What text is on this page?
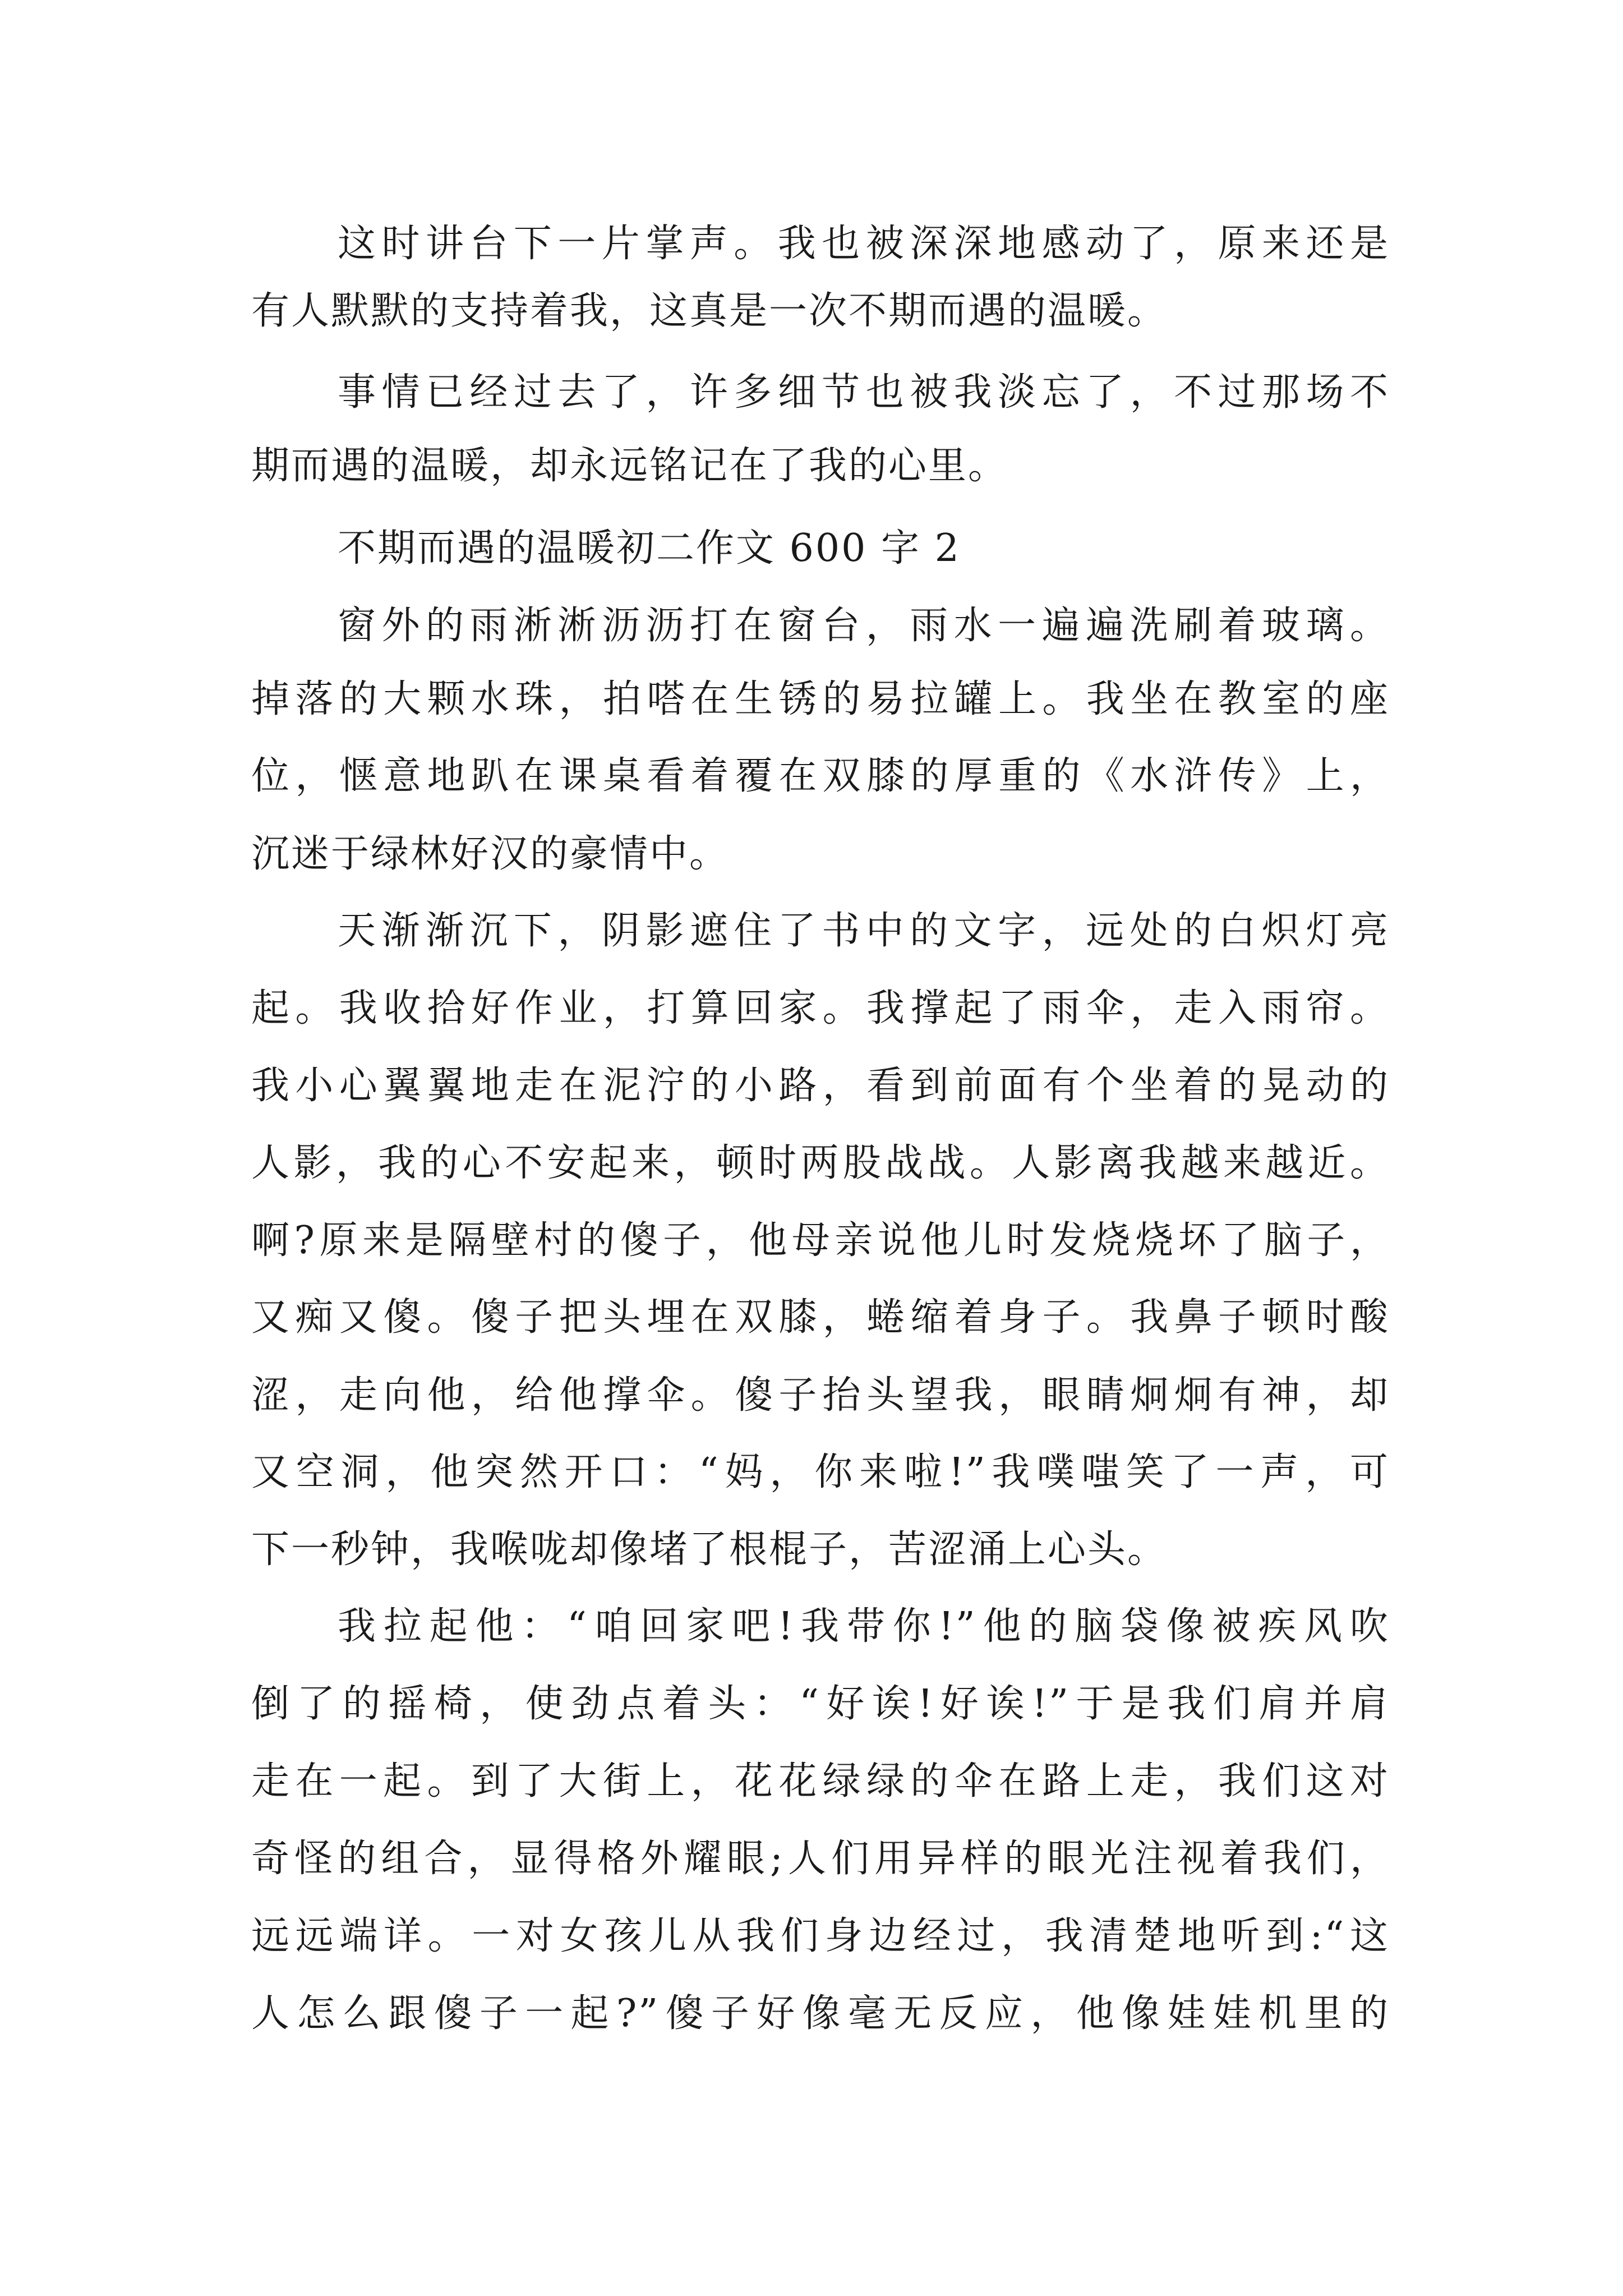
这时讲台下一片掌声。我也被深深地感动了，原来还是
有人默默的支持着我，这真是一次不期而遇的温暖。
事情已经过去了，许多细节也被我淡忘了，不过那场不
期而遇的温暖，却永远铭记在了我的心里。
不期而遇的温暖初二作文 600 字 2
窗外的雨淅淅沥沥打在窗台，雨水一遍遍洗刷着玻璃。
掉落的大颗水珠，拍嗒在生锈的易拉罐上。我坐在教室的座
位，惬意地趴在课桌看着覆在双膝的厚重的《水浒传》上，
沉迷于绿林好汉的豪情中。
天渐渐沉下，阴影遮住了书中的文字，远处的白炽灯亮
起。我收拾好作业，打算回家。我撑起了雨伞，走入雨帘。
我小心翼翼地走在泥泞的小路，看到前面有个坐着的晃动的
人影，我的心不安起来，顿时两股战战。人影离我越来越近。
啊?原来是隔壁村的傻子，他母亲说他儿时发烧烧坏了脑子，
又痴又傻。傻子把头埋在双膝，蜷缩着身子。我鼻子顿时酸
涩，走向他，给他撑伞。傻子抬头望我，眼睛炯炯有神，却
又空洞，他突然开口：“妈，你来啦!”我噗嗤笑了一声，可
下一秒钟，我喉咙却像堵了根棍子，苦涩涌上心头。
我拉起他：“咱回家吧!我带你!”他的脑袋像被疾风吹
倒了的摇椅，使劲点着头：“好诶!好诶!”于是我们肩并肩
走在一起。到了大街上，花花绿绿的伞在路上走，我们这对
奇怪的组合，显得格外耀眼;人们用异样的眼光注视着我们，
远远端详。一对女孩儿从我们身边经过，我清楚地听到:“这
人怎么跟傻子一起?”傻子好像毫无反应，他像娃娃机里的
